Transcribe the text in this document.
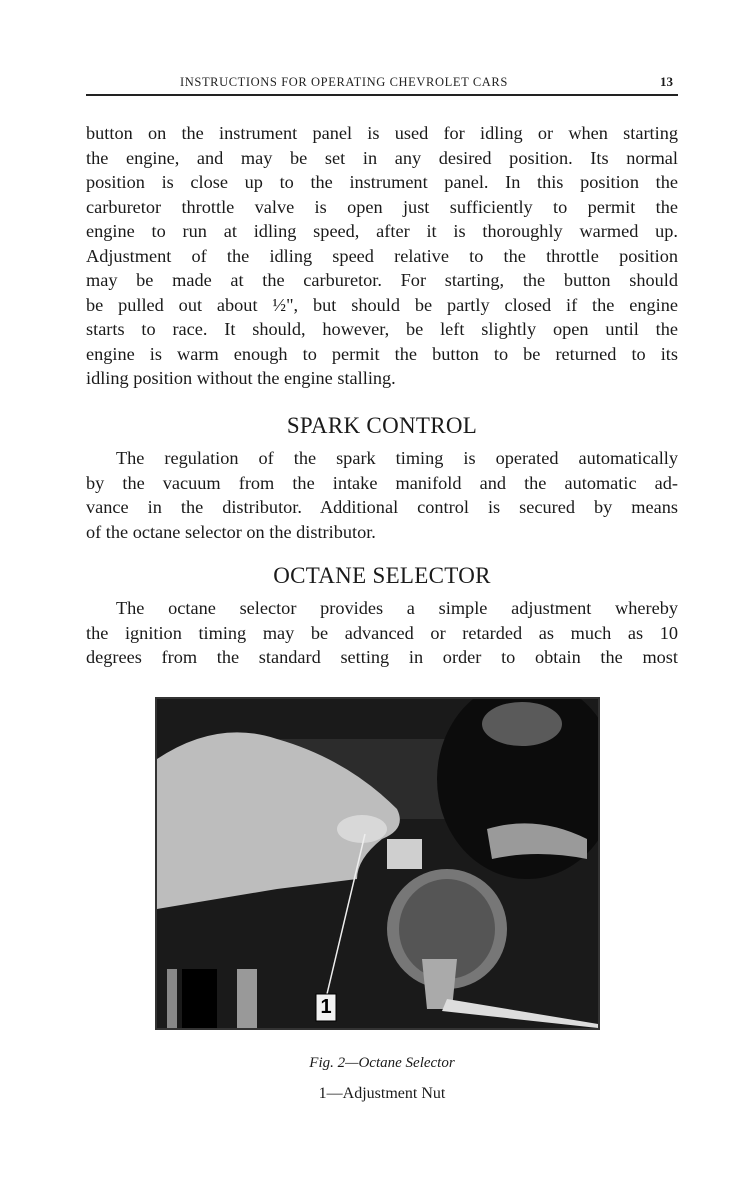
INSTRUCTIONS FOR OPERATING CHEVROLET CARS	13
button on the instrument panel is used for idling or when starting
the engine, and may be set in any desired position. Its normal
position is close up to the instrument panel. In this position the
carburetor throttle valve is open just sufficiently to permit the
engine to run at idling speed, after it is thoroughly warmed up.
Adjustment of the idling speed relative to the throttle position
may be made at the carburetor. For starting, the button should
be pulled out about ½", but should be partly closed if the engine
starts to race. It should, however, be left slightly open until the
engine is warm enough to permit the button to be returned to its
idling position without the engine stalling.
SPARK CONTROL
The regulation of the spark timing is operated automatically
by the vacuum from the intake manifold and the automatic ad-
vance in the distributor. Additional control is secured by means
of the octane selector on the distributor.
OCTANE SELECTOR
The octane selector provides a simple adjustment whereby
the ignition timing may be advanced or retarded as much as 10
degrees from the standard setting in order to obtain the most
1
Fig. 2—Octane Selector
1—Adjustment Nut
